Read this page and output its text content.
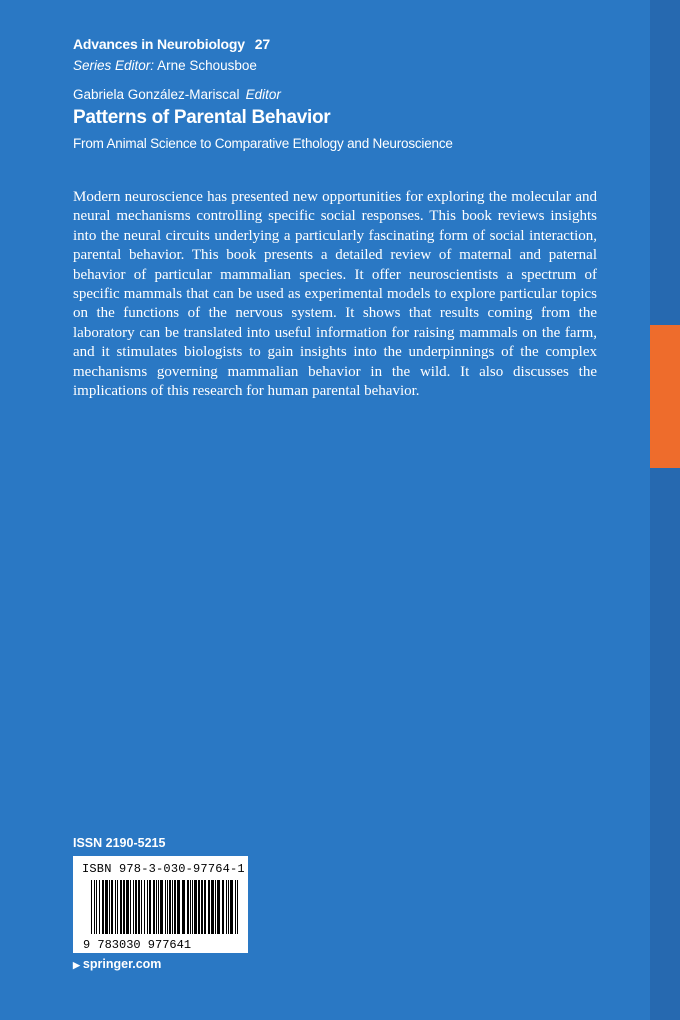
Advances in Neurobiology 27
Series Editor: Arne Schousboe
Gabriela González-Mariscal Editor
Patterns of Parental Behavior
From Animal Science to Comparative Ethology and Neuroscience
Modern neuroscience has presented new opportunities for exploring the molecular and neural mechanisms controlling specific social responses. This book reviews insights into the neural circuits underlying a particularly fascinating form of social interaction, parental behavior. This book presents a detailed review of maternal and paternal behavior of particular mammalian species. It offer neuroscientists a spectrum of specific mammals that can be used as experimental models to explore particular topics on the functions of the nervous system. It shows that results coming from the laboratory can be translated into useful information for raising mammals on the farm, and it stimulates biologists to gain insights into the underpinnings of the complex mechanisms governing mammalian behavior in the wild. It also discusses the implications of this research for human parental behavior.
ISSN 2190-5215
ISBN 978-3-030-97764-1
9 783030 977641
▶ springer.com
